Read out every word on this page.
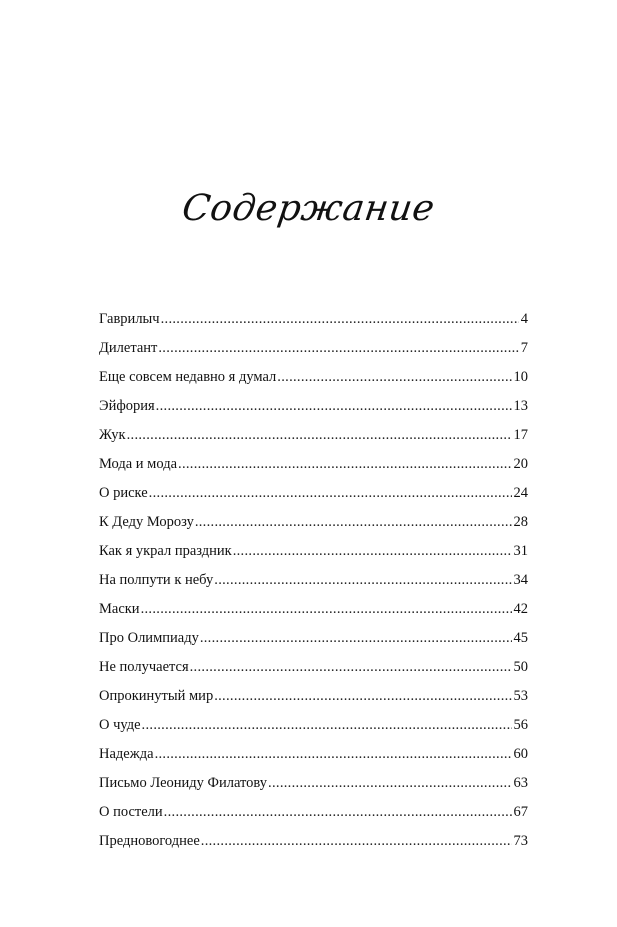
Содержание
Гаврилыч .....	4
Дилетант .....	7
Еще совсем недавно я думал .....	10
Эйфория .....	13
Жук .....	17
Мода и мода .....	20
О риске .....	24
К Деду Морозу .....	28
Как я украл праздник .....	31
На полпути к небу .....	34
Маски .....	42
Про Олимпиаду .....	45
Не получается .....	50
Опрокинутый мир .....	53
О чуде .....	56
Надежда .....	60
Письмо Леониду Филатову .....	63
О постели .....	67
Предновогоднее .....	73
